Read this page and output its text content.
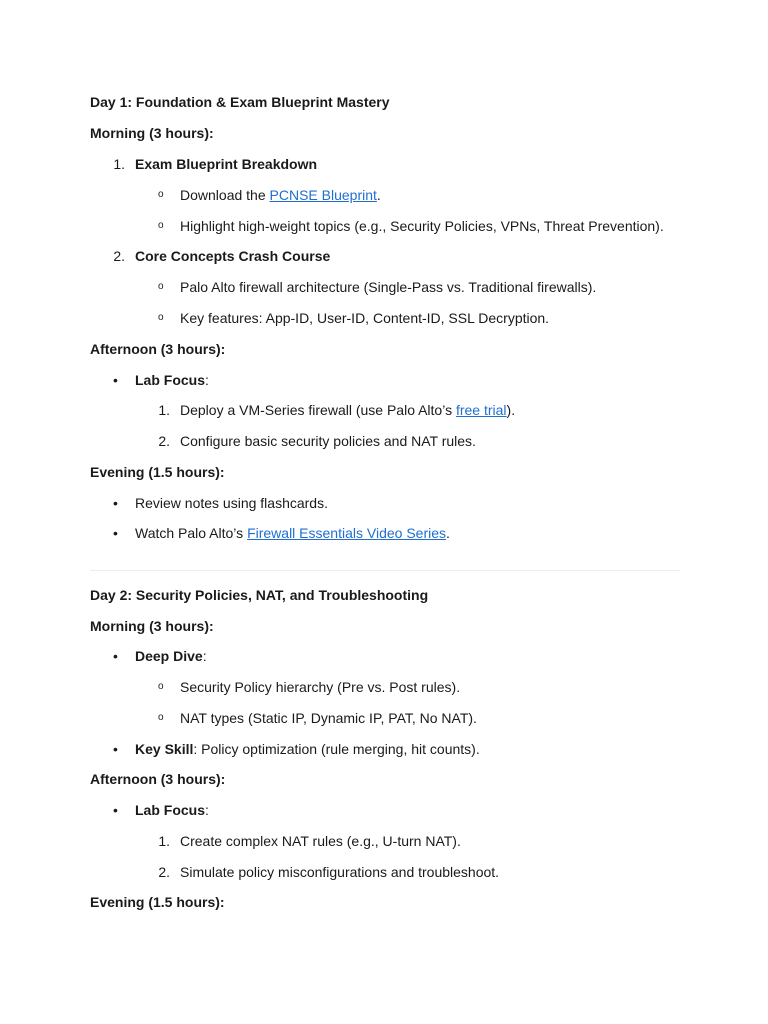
Day 1: Foundation & Exam Blueprint Mastery
Morning (3 hours):
1. Exam Blueprint Breakdown
o Download the PCNSE Blueprint.
o Highlight high-weight topics (e.g., Security Policies, VPNs, Threat Prevention).
2. Core Concepts Crash Course
o Palo Alto firewall architecture (Single-Pass vs. Traditional firewalls).
o Key features: App-ID, User-ID, Content-ID, SSL Decryption.
Afternoon (3 hours):
• Lab Focus:
1. Deploy a VM-Series firewall (use Palo Alto’s free trial).
2. Configure basic security policies and NAT rules.
Evening (1.5 hours):
• Review notes using flashcards.
• Watch Palo Alto’s Firewall Essentials Video Series.
Day 2: Security Policies, NAT, and Troubleshooting
Morning (3 hours):
• Deep Dive:
o Security Policy hierarchy (Pre vs. Post rules).
o NAT types (Static IP, Dynamic IP, PAT, No NAT).
• Key Skill: Policy optimization (rule merging, hit counts).
Afternoon (3 hours):
• Lab Focus:
1. Create complex NAT rules (e.g., U-turn NAT).
2. Simulate policy misconfigurations and troubleshoot.
Evening (1.5 hours):
